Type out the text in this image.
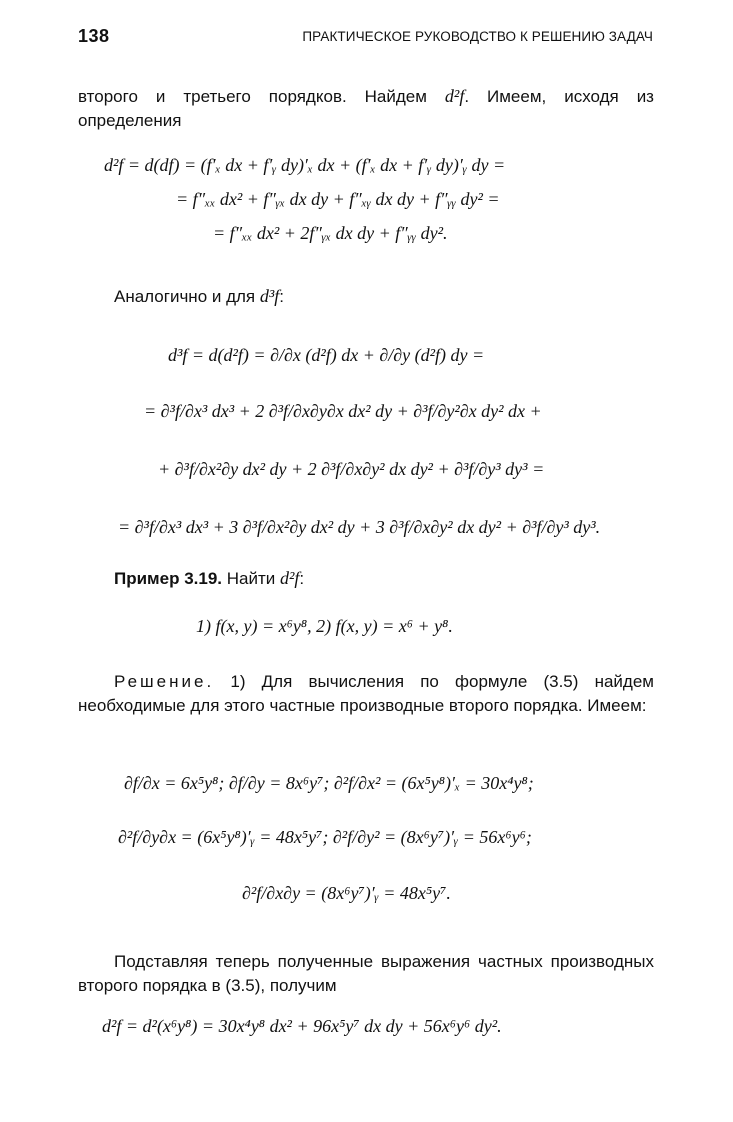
138	ПРАКТИЧЕСКОЕ РУКОВОДСТВО К РЕШЕНИЮ ЗАДАЧ
второго и третьего порядков. Найдем d²f. Имеем, исходя из определения
d²f = d(df) = (f′ₓ dx + f′ᵧ dy)′ₓ dx + (f′ₓ dx + f′ᵧ dy)′ᵧ dy =
= f″ₓₓ dx² + f″ᵧₓ dx dy + f″ₓᵧ dx dy + f″ᵧᵧ dy² =
= f″ₓₓ dx² + 2f″ᵧₓ dx dy + f″ᵧᵧ dy².
Аналогично и для d³f:
d³f = d(d²f) = ∂/∂x (d²f) dx + ∂/∂y (d²f) dy =
= ∂³f/∂x³ dx³ + 2 ∂³f/∂x∂y∂x dx² dy + ∂³f/∂y²∂x dy² dx +
+ ∂³f/∂x²∂y dx² dy + 2 ∂³f/∂x∂y² dx dy² + ∂³f/∂y³ dy³ =
= ∂³f/∂x³ dx³ + 3 ∂³f/∂x²∂y dx² dy + 3 ∂³f/∂x∂y² dx dy² + ∂³f/∂y³ dy³.
Пример 3.19. Найти d²f:
1) f(x, y) = x⁶y⁸, 2) f(x, y) = x⁶ + y⁸.
Решение. 1) Для вычисления по формуле (3.5) найдем необходимые для этого частные производные второго порядка. Имеем:
∂f/∂x = 6x⁵y⁸; ∂f/∂y = 8x⁶y⁷; ∂²f/∂x² = (6x⁵y⁸)′ₓ = 30x⁴y⁸;
∂²f/∂y∂x = (6x⁵y⁸)′ᵧ = 48x⁵y⁷; ∂²f/∂y² = (8x⁶y⁷)′ᵧ = 56x⁶y⁶;
∂²f/∂x∂y = (8x⁶y⁷)′ᵧ = 48x⁵y⁷.
Подставляя теперь полученные выражения частных производных второго порядка в (3.5), получим
d²f = d²(x⁶y⁸) = 30x⁴y⁸ dx² + 96x⁵y⁷ dx dy + 56x⁶y⁶ dy².
